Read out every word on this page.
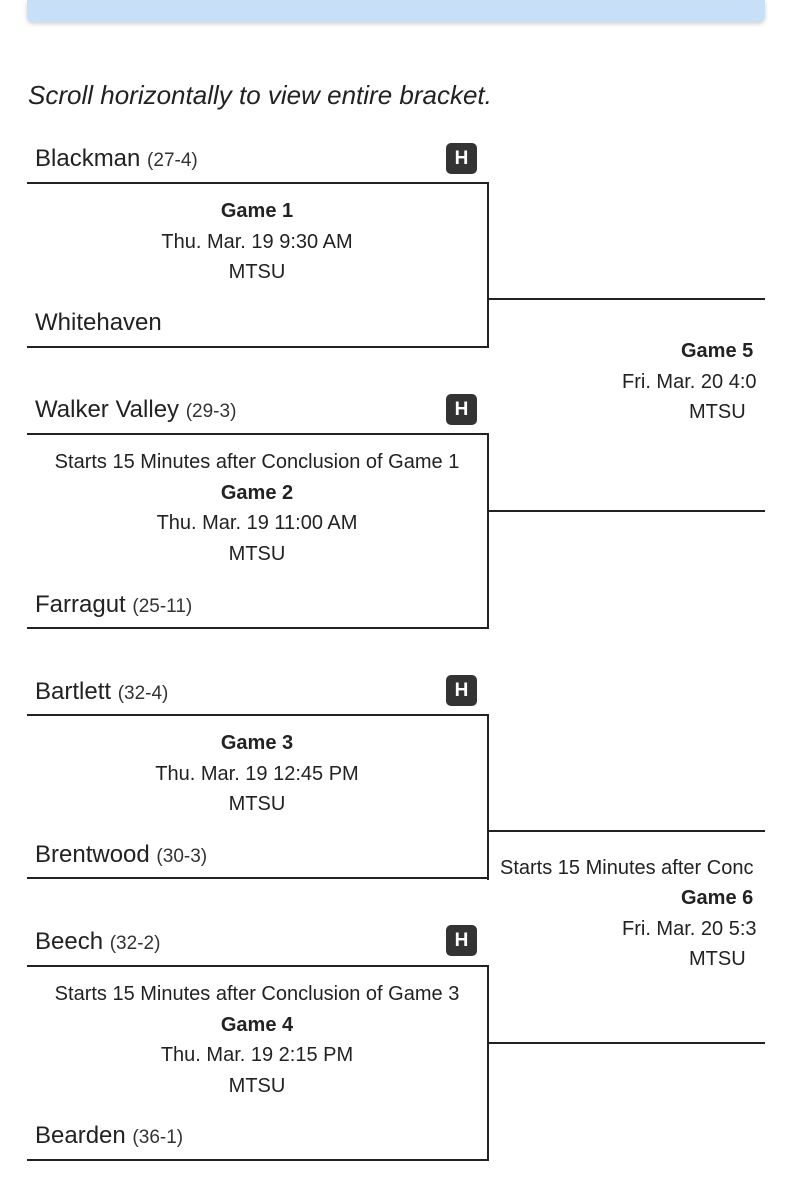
Scroll horizontally to view entire bracket.
Blackman (27-4)	H
Game 1
Thu. Mar. 19 9:30 AM
MTSU
Whitehaven
Walker Valley (29-3)	H
Starts 15 Minutes after Conclusion of Game 1
Game 2
Thu. Mar. 19 11:00 AM
MTSU
Farragut (25-11)
Bartlett (32-4)	H
Game 3
Thu. Mar. 19 12:45 PM
MTSU
Brentwood (30-3)
Beech (32-2)	H
Starts 15 Minutes after Conclusion of Game 3
Game 4
Thu. Mar. 19 2:15 PM
MTSU
Bearden (36-1)
Game 5
Fri. Mar. 20 4:0
MTSU
Starts 15 Minutes after Conc
Game 6
Fri. Mar. 20 5:3
MTSU
